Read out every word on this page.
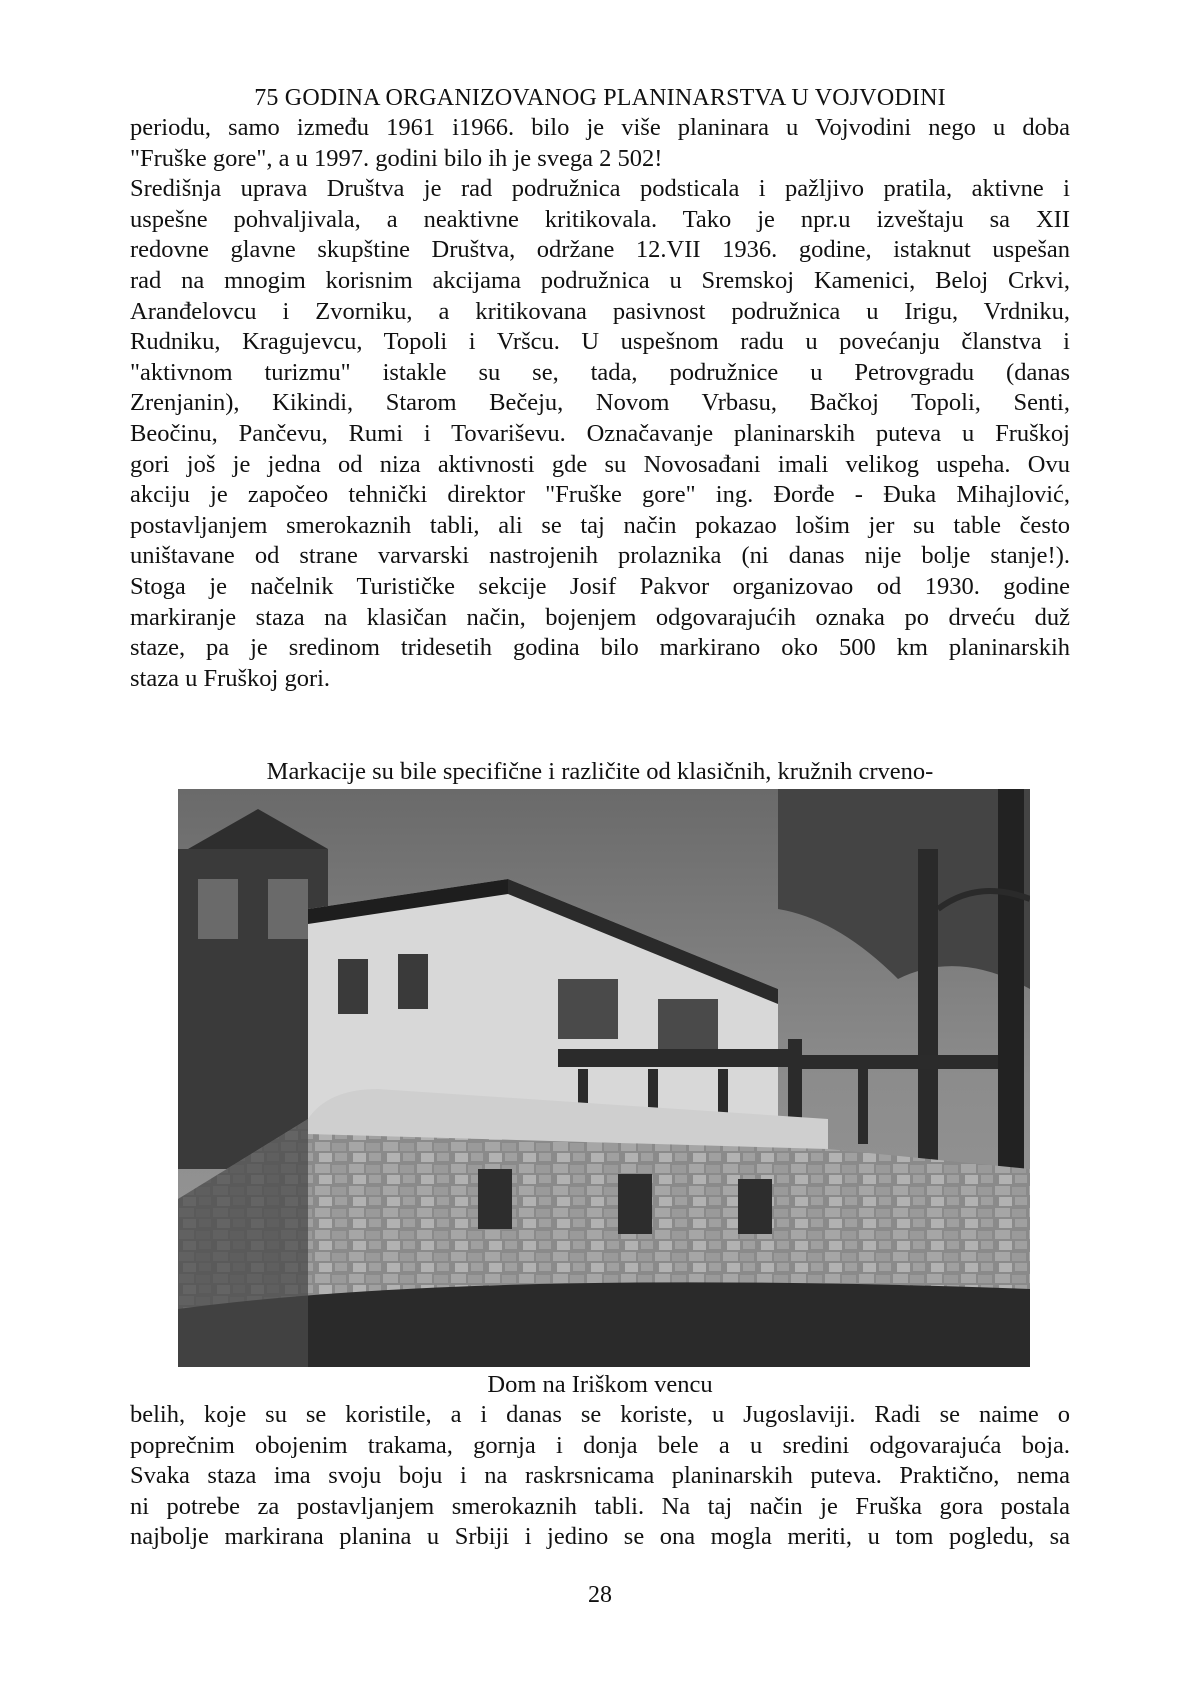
75 GODINA ORGANIZOVANOG PLANINARSTVA U VOJVODINI
periodu, samo između 1961 i1966. bilo je više planinara u Vojvodini nego u doba
"Fruške gore", a u 1997. godini bilo ih je svega 2 502!
Središnja uprava Društva je rad podružnica podsticala i pažljivo pratila, aktivne i
uspešne pohvaljivala, a neaktivne kritikovala. Tako je npr.u izveštaju sa XII
redovne glavne skupštine Društva, održane 12.VII 1936. godine, istaknut uspešan
rad na mnogim korisnim akcijama podružnica u Sremskoj Kamenici, Beloj Crkvi,
Aranđelovcu i Zvorniku, a kritikovana pasivnost podružnica u Irigu, Vrdniku,
Rudniku, Kragujevcu, Topoli i Vršcu. U uspešnom radu u povećanju članstva i
"aktivnom turizmu" istakle su se, tada, podružnice u Petrovgradu (danas
Zrenjanin), Kikindi, Starom Bečeju, Novom Vrbasu, Bačkoj Topoli, Senti,
Beočinu, Pančevu, Rumi i Tovariševu. Označavanje planinarskih puteva u Fruškoj
gori još je jedna od niza aktivnosti gde su Novosađani imali velikog uspeha. Ovu
akciju je započeo tehnički direktor "Fruške gore" ing. Đorđe - Đuka Mihajlović,
postavljanjem smerokaznih tabli, ali se taj način pokazao lošim jer su table često
uništavane od strane varvarski nastrojenih prolaznika (ni danas nije bolje stanje!).
Stoga je načelnik Turističke sekcije Josif Pakvor organizovao od 1930. godine
markiranje staza na klasičan način, bojenjem odgovarajućih oznaka po drveću duž
staze, pa je sredinom tridesetih godina bilo markirano oko 500 km planinarskih
staza u Fruškoj gori.
Markacije su bile specifične i različite od klasičnih, kružnih crveno-
Dom na Iriškom vencu
belih, koje su se koristile, a i danas se koriste, u Jugoslaviji. Radi se naime o
poprečnim obojenim trakama, gornja i donja bele a u sredini odgovarajuća boja.
Svaka staza ima svoju boju i na raskrsnicama planinarskih puteva. Praktično, nema
ni potrebe za postavljanjem smerokaznih tabli. Na taj način je Fruška gora postala
najbolje markirana planina u Srbiji i jedino se ona mogla meriti, u tom pogledu, sa
28
